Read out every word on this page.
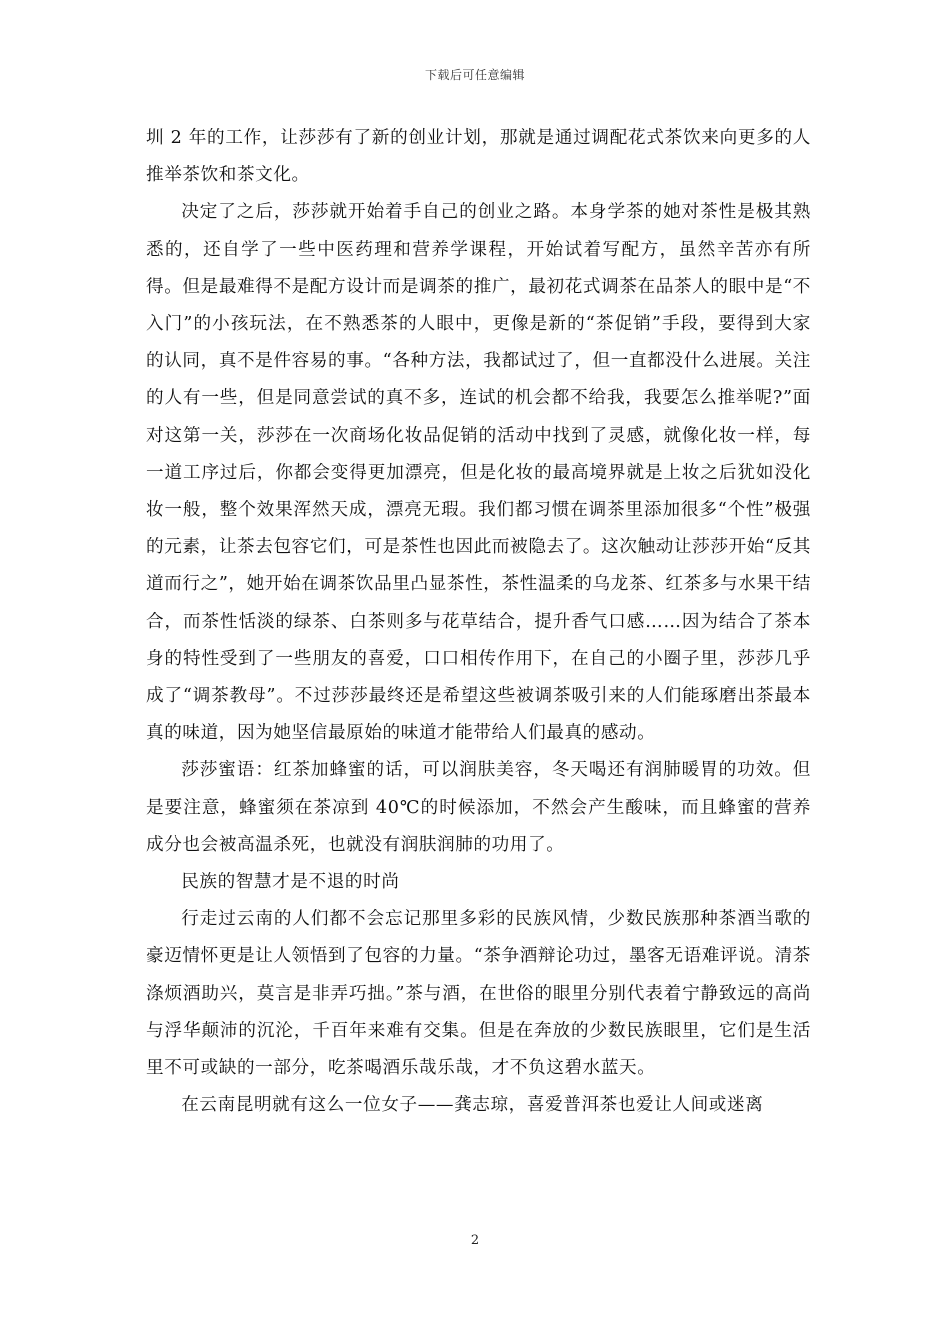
下载后可任意编辑

圳 2 年的工作，让莎莎有了新的创业计划，那就是通过调配花式茶饮来向更多的人推举茶饮和茶文化。

决定了之后，莎莎就开始着手自己的创业之路。本身学茶的她对茶性是极其熟悉的，还自学了一些中医药理和营养学课程，开始试着写配方，虽然辛苦亦有所得。但是最难得不是配方设计而是调茶的推广，最初花式调茶在品茶人的眼中是“不入门”的小孩玩法，在不熟悉茶的人眼中，更像是新的“茶促销”手段，要得到大家的认同，真不是件容易的事。“各种方法，我都试过了，但一直都没什么进展。关注的人有一些，但是同意尝试的真不多，连试的机会都不给我，我要怎么推举呢?”面对这第一关，莎莎在一次商场化妆品促销的活动中找到了灵感，就像化妆一样，每一道工序过后，你都会变得更加漂亮，但是化妆的最高境界就是上妆之后犹如没化妆一般，整个效果浑然天成，漂亮无瑕。我们都习惯在调茶里添加很多“个性”极强的元素，让茶去包容它们，可是茶性也因此而被隐去了。这次触动让莎莎开始“反其道而行之”，她开始在调茶饮品里凸显茶性，茶性温柔的乌龙茶、红茶多与水果干结合，而茶性恬淡的绿茶、白茶则多与花草结合，提升香气口感……因为结合了茶本身的特性受到了一些朋友的喜爱，口口相传作用下，在自己的小圈子里，莎莎几乎成了“调茶教母”。不过莎莎最终还是希望这些被调茶吸引来的人们能琢磨出茶最本真的味道，因为她坚信最原始的味道才能带给人们最真的感动。

莎莎蜜语：红茶加蜂蜜的话，可以润肤美容，冬天喝还有润肺暖胃的功效。但是要注意，蜂蜜须在茶凉到 40℃的时候添加，不然会产生酸味，而且蜂蜜的营养成分也会被高温杀死，也就没有润肤润肺的功用了。

民族的智慧才是不退的时尚

行走过云南的人们都不会忘记那里多彩的民族风情，少数民族那种茶酒当歌的豪迈情怀更是让人领悟到了包容的力量。“茶争酒辩论功过，墨客无语难评说。清茶涤烦酒助兴，莫言是非弄巧拙。”茶与酒，在世俗的眼里分别代表着宁静致远的高尚与浮华颠沛的沉沦，千百年来难有交集。但是在奔放的少数民族眼里，它们是生活里不可或缺的一部分，吃茶喝酒乐哉乐哉，才不负这碧水蓝天。

在云南昆明就有这么一位女子——龚志琼，喜爱普洱茶也爱让人间或迷离

2
